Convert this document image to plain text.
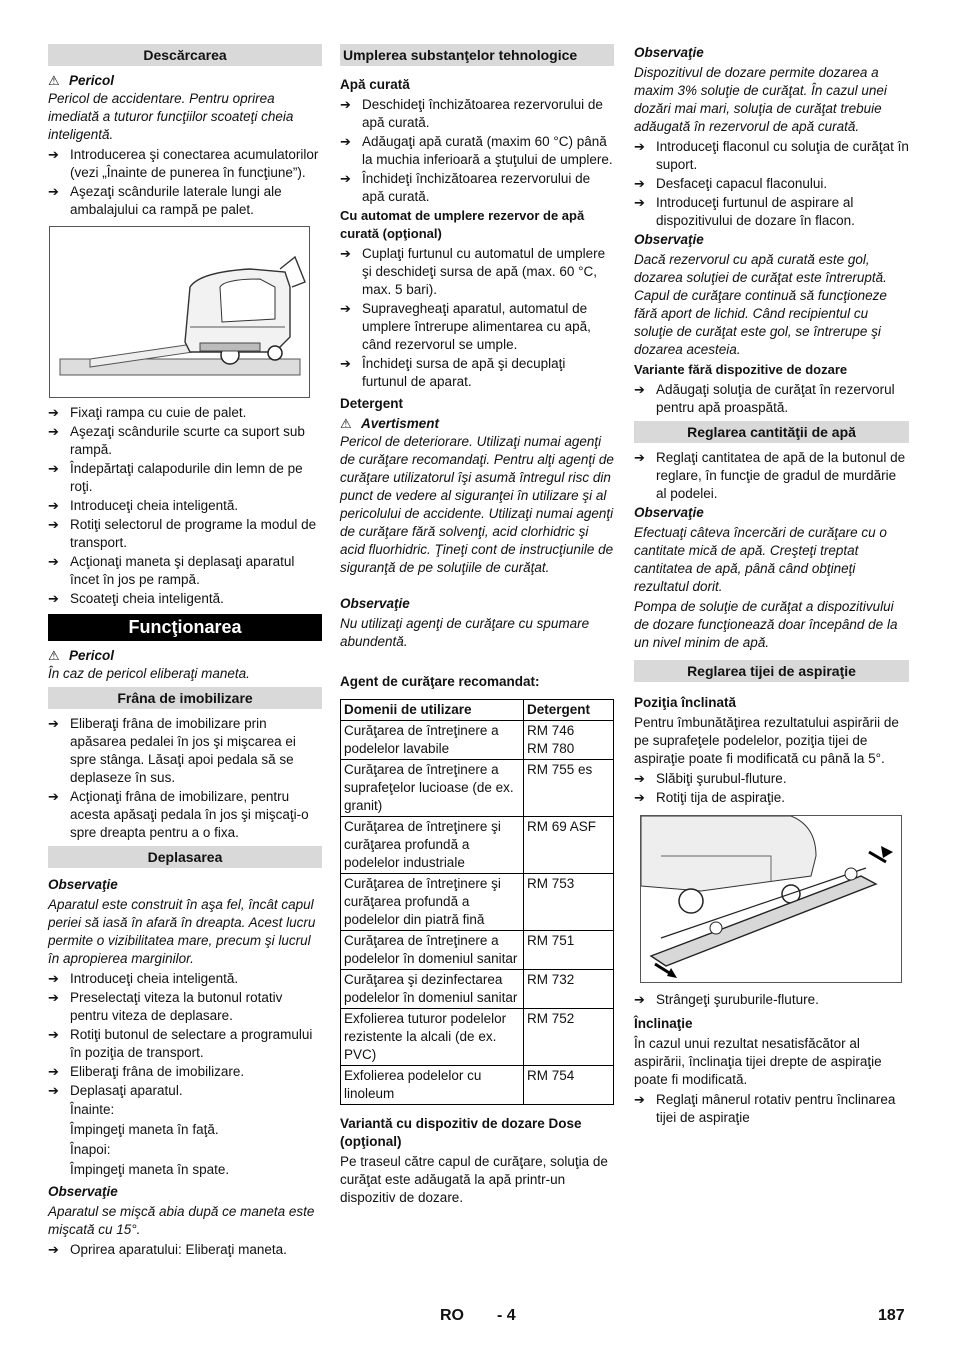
Descărcarea
⚠ Pericol

Pericol de accidentare. Pentru oprirea imediată a tuturor funcţiilor scoateţi cheia inteligentă.

➔ Introducerea şi conectarea acumulatorilor (vezi „Înainte de punerea în funcţiune”).
➔ Aşezaţi scândurile laterale lungi ale ambalajului ca rampă pe palet.
➔ Fixaţi rampa cu cuie de palet.
➔ Aşezaţi scândurile scurte ca suport sub rampă.
➔ Îndepărtaţi calapodurile din lemn de pe roţi.
➔ Introduceţi cheia inteligentă.
➔ Rotiţi selectorul de programe la modul de transport.
➔ Acţionaţi maneta şi deplasaţi aparatul încet în jos pe rampă.
➔ Scoateţi cheia inteligentă.
Funcţionarea
⚠ Pericol

În caz de pericol eliberaţi maneta.

Frâna de imobilizare
➔ Eliberaţi frâna de imobilizare prin apăsarea pedalei în jos şi mişcarea ei spre stânga. Lăsaţi apoi pedala să se deplaseze în sus.
➔ Acţionaţi frâna de imobilizare, pentru acesta apăsaţi pedala în jos şi mişcaţi-o spre dreapta pentru a o fixa.
Deplasarea

Observaţie

Aparatul este construit în aşa fel, încât capul periei să iasă în afară în dreapta. Acest lucru permite o vizibilitatea mare, precum şi lucrul în apropierea marginilor.

➔ Introduceţi cheia inteligentă.
➔ Preselectaţi viteza la butonul rotativ pentru viteza de deplasare.
➔ Rotiţi butonul de selectare a programului în poziţia de transport.
➔ Eliberaţi frâna de imobilizare.
➔ Deplasaţi aparatul.

Înainte:

Împingeţi maneta în faţă.

Înapoi:

Împingeţi maneta în spate.

Observaţie

Aparatul se mişcă abia după ce maneta este mişcată cu 15°.

➔ Oprirea aparatului: Eliberaţi maneta.
Umplerea substanţelor tehnologice

Apă curată

➔ Deschideţi închizătoarea rezervorului de apă curată.
➔ Adăugaţi apă curată (maxim 60 °C) până la muchia inferioară a ştuţului de umplere.
➔ Închideţi închizătoarea rezervorului de apă curată.

Cu automat de umplere rezervor de apă curată (opţional)

➔ Cuplaţi furtunul cu automatul de umplere şi deschideţi sursa de apă (max. 60 °C, max. 5 bari).
➔ Supravegheaţi aparatul, automatul de umplere întrerupe alimentarea cu apă, când rezervorul se umple.
➔ Închideţi sursa de apă şi decuplaţi furtunul de aparat.

Detergent

⚠ Avertisment

Pericol de deteriorare. Utilizaţi numai agenţi de curăţare recomandaţi. Pentru alţi agenţi de curăţare utilizatorul îşi asumă întregul risc din punct de vedere al siguranţei în utilizare şi al pericolului de accidente. Utilizaţi numai agenţi de curăţare fără solvenţi, acid clorhidric şi acid fluorhidric. Ţineţi cont de instrucţiunile de siguranţă de pe soluţiile de curăţat.

Observaţie

Nu utilizaţi agenţi de curăţare cu spumare abundentă.

Agent de curăţare recomandat:

Domenii de utilizare	Detergent
Curăţarea de întreţinere a podelelor lavabile	RM 746
RM 780
Curăţarea de întreţinere a suprafeţelor lucioase (de ex. granit)	RM 755 es
Curăţarea de întreţinere şi curăţarea profundă a podelelor industriale	RM 69 ASF
Curăţarea de întreţinere şi curăţarea profundă a podelelor din piatră fină	RM 753
Curăţarea de întreţinere a podelelor în domeniul sanitar	RM 751
Curăţarea şi dezinfectarea podelelor în domeniul sanitar	RM 732
Exfolierea tuturor podelelor rezistente la alcali (de ex. PVC)	RM 752
Exfolierea podelelor cu linoleum	RM 754

Variantă cu dispozitiv de dozare Dose (opţional)

Pe traseul către capul de curăţare, soluţia de curăţat este adăugată la apă printr-un dispozitiv de dozare.

Observaţie

Dispozitivul de dozare permite dozarea a maxim 3% soluţie de curăţat. În cazul unei dozări mai mari, soluţia de curăţat trebuie adăugată în rezervorul de apă curată.

➔ Introduceţi flaconul cu soluţia de curăţat în suport.
➔ Desfaceţi capacul flaconului.
➔ Introduceţi furtunul de aspirare al dispozitivului de dozare în flacon.

Observaţie

Dacă rezervorul cu apă curată este gol, dozarea soluţiei de curăţat este întreruptă. Capul de curăţare continuă să funcţioneze fără aport de lichid. Când recipientul cu soluţie de curăţat este gol, se întrerupe şi dozarea acesteia.

Variante fără dispozitive de dozare

➔ Adăugaţi soluţia de curăţat în rezervorul pentru apă proaspătă.
Reglarea cantităţii de apă
➔ Reglaţi cantitatea de apă de la butonul de reglare, în funcţie de gradul de murdărie al podelei.

Observaţie

Efectuaţi câteva încercări de curăţare cu o cantitate mică de apă. Creşteţi treptat cantitatea de apă, până când obţineţi rezultatul dorit.

Pompa de soluţie de curăţat a dispozitivului de dozare funcţionează doar începând de la un nivel minim de apă.

Reglarea tijei de aspiraţie

Poziţia înclinată

Pentru îmbunătăţirea rezultatului aspirării de pe suprafeţele podelelor, poziţia tijei de aspiraţie poate fi modificată cu până la 5°.

➔ Slăbiţi şurubul-fluture.
➔ Rotiţi tija de aspiraţie.
➔ Strângeţi şuruburile-fluture.

Înclinaţie

În cazul unui rezultat nesatisfăcător al aspirării, înclinaţia tijei drepte de aspiraţie poate fi modificată.

➔ Reglaţi mânerul rotativ pentru înclinarea tijei de aspiraţie
RO - 4	187
